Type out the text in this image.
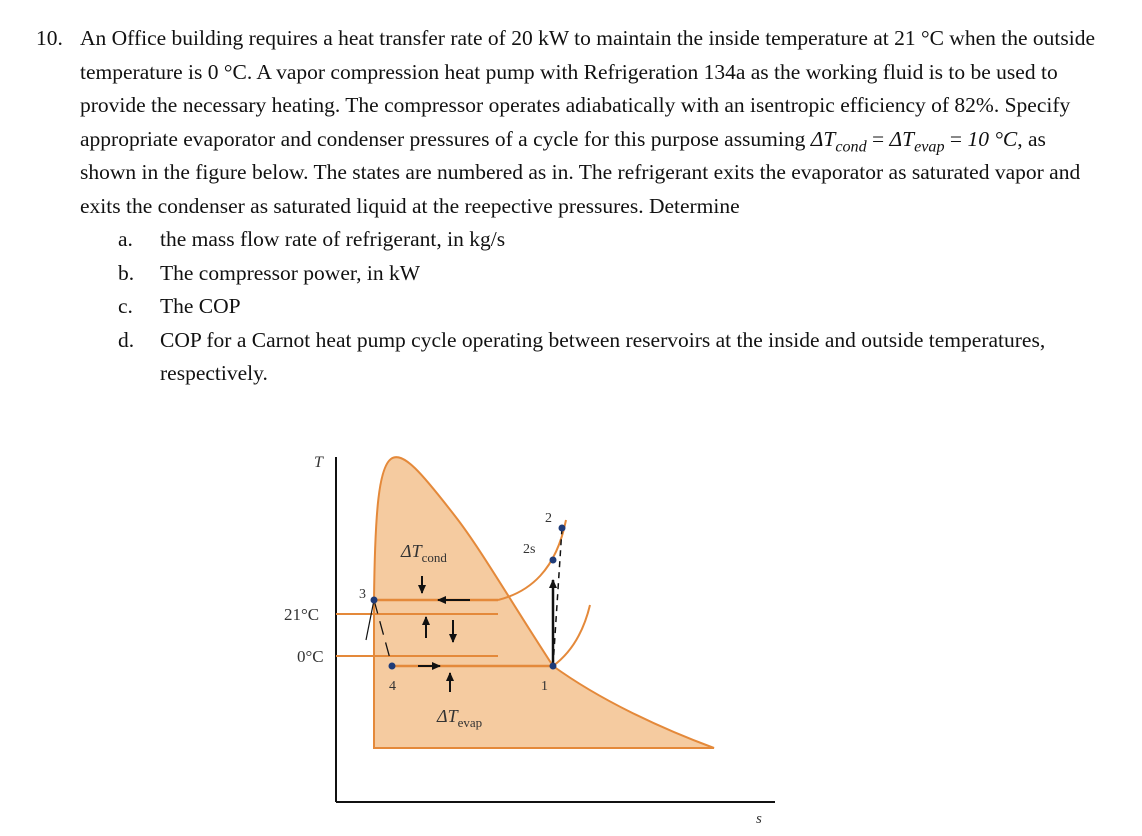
10. An Office building requires a heat transfer rate of 20 kW to maintain the inside temperature at 21 °C when the outside temperature is 0 °C. A vapor compression heat pump with Refrigeration 134a as the working fluid is to be used to provide the necessary heating. The compressor operates adiabatically with an isentropic efficiency of 82%. Specify appropriate evaporator and condenser pressures of a cycle for this purpose assuming $\Delta T_{cond} = \Delta T_{evap} = 10$ °C, as shown in the figure below. The states are numbered as in. The refrigerant exits the evaporator as saturated vapor and exits the condenser as saturated liquid at the reepective pressures. Determine
a.	the mass flow rate of refrigerant, in kg/s
b.	The compressor power, in kW
c.	The COP
d.	COP for a Carnot heat pump cycle operating between reservoirs at the inside and outside temperatures, respectively.
T
s
21°C
0°C
1
2
2s
3
4
$\Delta T_{cond}$
$\Delta T_{evap}$
